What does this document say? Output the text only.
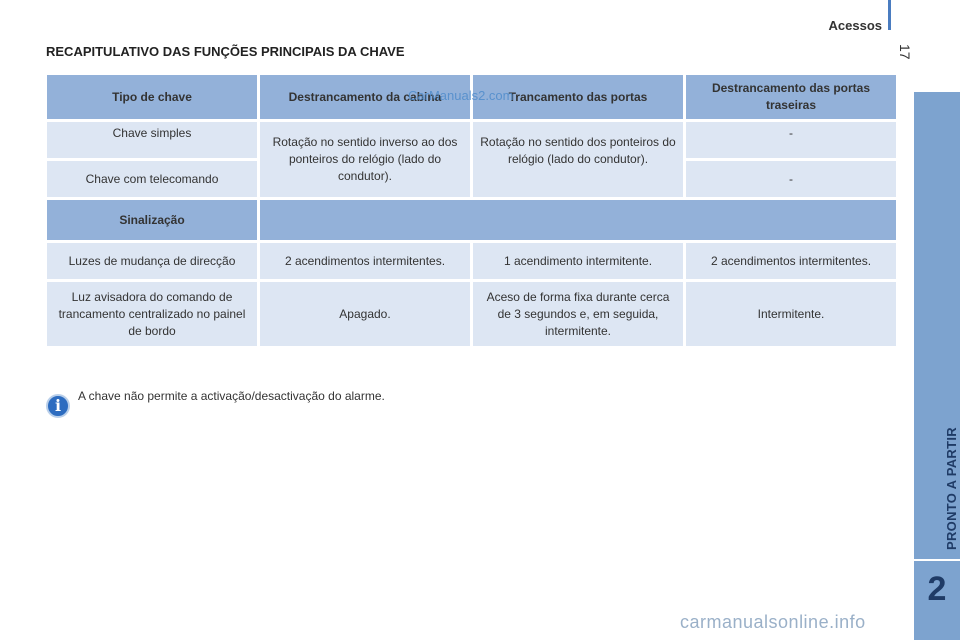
Acessos
17
PRONTO A PARTIR
2
RECAPITULATIVO DAS FUNÇÕES PRINCIPAIS DA CHAVE
Tipo de chave	Destrancamento da cabina	Trancamento das portas	Destrancamento das portas traseiras
Chave simples	Rotação no sentido inverso ao dos ponteiros do relógio (lado do condutor).	Rotação no sentido dos ponteiros do relógio (lado do condutor).	-
Chave com telecomando			-
Sinalização			
Luzes de mudança de direcção	2 acendimentos intermitentes.	1 acendimento intermitente.	2 acendimentos intermitentes.
Luz avisadora do comando de trancamento centralizado no painel de bordo	Apagado.	Aceso de forma fixa durante cerca de 3 segundos e, em seguida, intermitente.	Intermitente.
CarManuals2.com
i	A chave não permite a activação/desactivação do alarme.
carmanualsonline.info
